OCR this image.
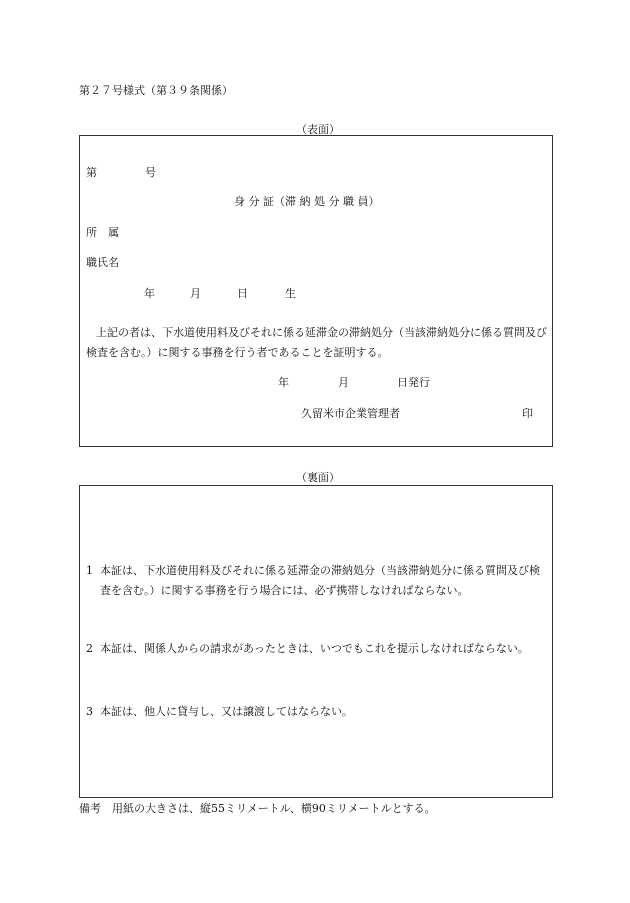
第２７号様式（第３９条関係）
（表面）
第	号
身 分 証（滞 納 処 分 職 員）
所　属
職氏名
年	月	日	生
上記の者は、下水道使用料及びそれに係る延滞金の滞納処分（当該滞納処分に係る質問及び検査を含む。）に関する事務を行う者であることを証明する。
年	月	日発行
久留米市企業管理者	印
（裏面）
1 本証は、下水道使用料及びそれに係る延滞金の滞納処分（当該滞納処分に係る質問及び検査を含む。）に関する事務を行う場合には、必ず携帯しなければならない。
2 本証は、関係人からの請求があったときは、いつでもこれを提示しなければならない。
3 本証は、他人に貸与し、又は譲渡してはならない。
備考　用紙の大きさは、縦55ミリメートル、横90ミリメートルとする。
